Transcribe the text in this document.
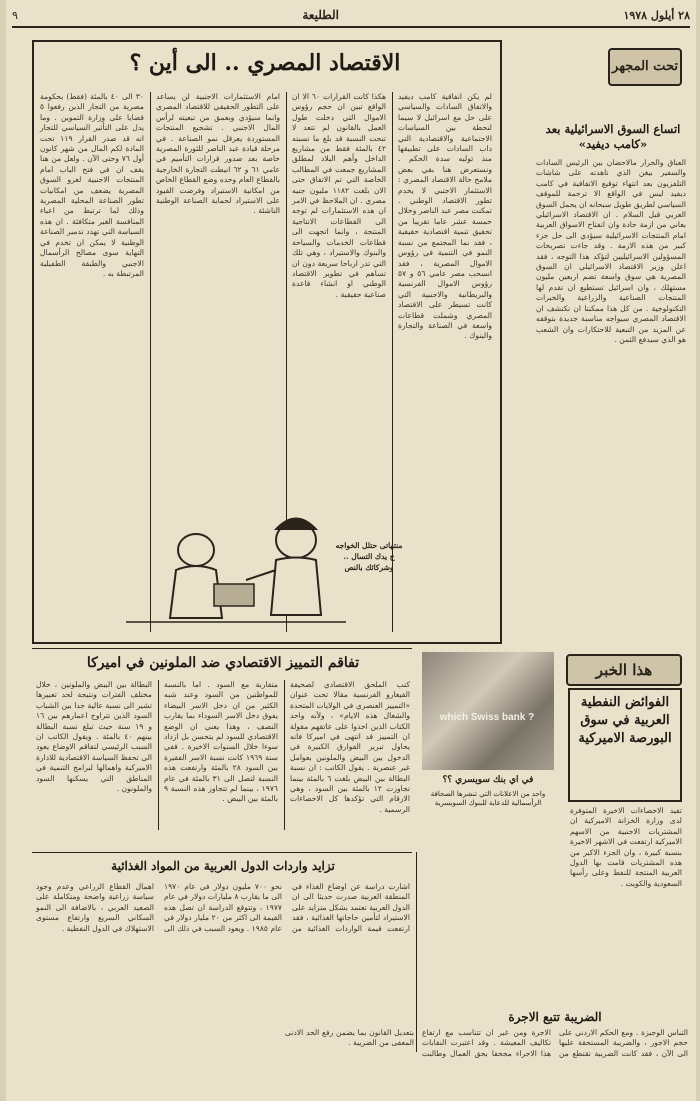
٢٨ أيلول ١٩٧٨
الطليعة
٩
تحت المجهر
اتساع السوق الاسرائيلية بعد «كامب ديفيد»
العناق والحرار مالاحضان بين الرئيس السادات والسفير بيغن الذي تاهدته على شاشات التلفزيون بعد انتهاء توقيع الاتفاقية في كامب ديفيد ليس في الواقع الا ترجمة للموقف السياسي لطريق طويل سبحانه ان يحمل السوق العربي قبل السلام . ان الاقتصاد الاسرائيلي يعاني من ازمة حادة وان انفتاح الاسواق العربية امام المنتجات الاسرائيلية سيؤدي الى حل جزء كبير من هذه الازمة . وقد جاءت تصريحات المسؤولين الاسرائيليين لتؤكد هذا التوجه ، فقد اعلن وزير الاقتصاد الاسرائيلي ان السوق المصرية هي سوق واسعة تضم اربعين مليون مستهلك ، وان اسرائيل تستطيع ان تقدم لها المنتجات الصناعية والزراعية والخبرات التكنولوجية . من كل هذا ممكننا ان نكتشف ان الاقتصاد المصري سيواجه مناسبة جديدة بتوقفه عن المزيد من التبعية للاحتكارات وان الشعب هو الذي سيدفع الثمن .
الاقتصاد المصري .. الى أين ؟
لم يكن انفاقية كامب ديفيد والاتفاق السادات والسياسي على حل مع اسرائيل لا سيما لنحطة بين السياسات الاجتماعية والاقتصادية التي داب السادات على تطبيقها منذ توليه سدة الحكم . ونستعرض هنا بقي بعض ملامح حالة الاقتصاد المصري : الاستثمار الاجنبي لا يخدم تطور الاقتصاد الوطني . تمكنت مصر عبد الناصر وخلال خمسة عشر عاما تقريبا من تحقيق تنمية اقتصادية حقيقية ، فقد نما المجتمع من نسبة النمو في التنمية في رؤوس الاموال المصرية ، فقد انسحب مصر عامي ٥٦ و ٥٧ رؤوس الاموال الفرنسية والبريطانية والاجنبية التي كانت تسيطر على الاقتصاد المصري وشملت قطاعات واسعة في الصناعة والتجارة والبنوك .
هكذا كانت القرارات ٦٠ الا ان الواقع تبين ان حجم رؤوس الاموال التي دخلت طول العمل بالقانون لم تتعد لا تنحت النسبة قد بلغ ما نسبته ٤٢ بالمئة فقط من مشاريع الداخل وأهم البلاد لمطلق المشاريع جمعت في المطالب الخاصة التي تم الاتفاق حتى الان بلغت ١١٨٢ مليون جنيه مصري . ان الملاحظ في الامر ان هذه الاستثمارات لم توجه الى القطاعات الانتاجية المنتجة ، وانما اتجهت الى قطاعات الخدمات والسياحة والبنوك والاستيراد ، وهي تلك التي تدر ارباحا سريعة دون ان تساهم في تطوير الاقتصاد الوطني او انشاء قاعدة صناعية حقيقية .
امام الاستثمارات الاجنبية لن يساعد على التطور الحقيقي للاقتصاد المصري وانما سيؤدي وبعمق من تبعيته لرأس المال الاجنبي . تشجيع المنتجات المستوردة يعرقل نمو الصناعة . في مرحلة قيادة عبد الناصر للثورة المصرية خاصة بعد صدور قرارات التأميم في عامي ٦١ و ٦٢ انيطت التجارة الخارجية بالقطاع العام وحده وضع القطاع الخاص من امكانية الاستيراد وفرضت القيود على الاستيراد لحماية الصناعة الوطنية الناشئة .
٣٠ الى ٤٠ بالمئة (فقط) بحكومة مصرية من التجار الذين رفعوا ٥ قضايا على وزارة التموين . وما يدل على التأثير السياسي للتجار انه قد صدر القرار ١١٩ تحت المادة لكم المال من شهر كانون أول ٧٦ وحتى الآن . ولعل من هنا يقف ان في فتح الباب امام المنتجات الاجنبية لغزو السوق المصرية يضعف من امكانيات تطور الصناعة المحلية المصرية وذلك لما ترتبط من اعباء المنافسة الغير متكافئة . ان هذه السياسة التي تهدد تدمير الصناعة الوطنية لا يمكن ان تخدم في النهاية سوى مصالح الرأسمال الاجنبي والطبقة الطفيلية المرتبطة به .
منتهاتى حتلل الخواجه ح يدك التسال .. وشركائك بالنص
تفاقم التمييز الاقتصادي ضد الملونين في اميركا
كتب الملحق الاقتصادي لصحيفة الفيغارو الفرنسية مقالا تحت عنوان «التمييز العنصري في الولايات المتحدة والشغال هذه الايام» ، ولأنه واحد الكتاب الذين اخذوا على عاتقهم مقولة ان التمييز قد انتهى في اميركا فانه يحاول تبرير الفوارق الكبيرة في الدخول بين البيض والملونين بعوامل غير عنصرية . يقول الكاتب : ان نسبة البطالة بين البيض بلغت ٦ بالمئة بينما تجاوزت ١٢ بالمئة بين السود ، وهي الارقام التي تؤكدها كل الاحصاءات الرسمية .
متقاربة مع السود . اما بالنسبة للمواطنين من السود وعند شبه الكثير من ان دخل الاسر البيضاء يفوق دخل الاسر السوداء بما يقارب النصف ، وهذا يعني ان الوضع الاقتصادي للسود لم يتحسن بل ازداد سوءا خلال السنوات الاخيرة . ففي سنة ١٩٦٩ كانت نسبة الاسر الفقيرة بين السود ٢٨ بالمئة وارتفعت هذه النسبة لتصل الى ٣١ بالمئة في عام ١٩٧٦ ، بينما لم تتجاوز هذه النسبة ٩ بالمئة بين البيض .
البطالة بين البيض والملونين ، خلال مختلف الفترات ونتيجة لحد تعبيرها تشير الى نسبة عالية جدا بين الشباب السود الذين تتراوح اعمارهم بين ١٦ و ١٩ سنة حيث تبلغ نسبة البطالة بينهم ٤٠ بالمئة . ويقول الكاتب ان السبب الرئيسي لتفاقم الاوضاع يعود الى تحفظ السياسة الاقتصادية للادارة الاميركية واهمالها لبرامج التنمية في المناطق التي يسكنها السود والملونون .
which Swiss bank ?
في اي بنك سويسري ؟؟
واحد من الاعلانات التي تنشرها الصحافة الرأسمالية للدعاية للبنوك السويسرية
هذا الخبر
الفوائض النفطية العربية في سوق البورصة الاميركية
تفيد الاحصاءات الاخيرة المتوفرة لدى وزارة الخزانة الاميركية ان المشتريات الاجنبية من الاسهم الاميركية ارتفعت في الاشهر الاخيرة بنسبة كبيرة ، وان الجزء الاكبر من هذه المشتريات قامت بها الدول العربية المنتجة للنفط وعلى رأسها السعودية والكويت .
تزايد واردات الدول العربية من المواد الغذائية
اشارت دراسة عن اوضاع الغذاء في المنطقة العربية صدرت حديثا الى ان الدول العربية تعتمد بشكل متزايد على الاستيراد لتأمين حاجاتها الغذائية ، فقد ارتفعت قيمة الواردات الغذائية من نحو ٧٠٠ مليون دولار في عام ١٩٧٠ الى ما يقارب ٨ مليارات دولار في عام ١٩٧٧ ، وتتوقع الدراسة ان تصل هذه القيمة الى اكثر من ٢٠ مليار دولار في عام ١٩٨٥ . ويعود السبب في ذلك الى اهمال القطاع الزراعي وعدم وجود سياسة زراعية واضحة ومتكاملة على الصعيد العربي ، بالاضافة الى النمو السكاني السريع وارتفاع مستوى الاستهلاك في الدول النفطية .
الضريبة تتبع الاجرة
التباس الوجيزة . ومع الحكم الاردني على حجم الاجور ، والضريبة المستحقة عليها الى الآن ، فقد كانت الضريبة تقتطع من الاجرة ومن غير ان تتناسب مع ارتفاع تكاليف المعيشة . وقد اعتبرت النقابات هذا الاجراء مجحفا بحق العمال وطالبت بتعديل القانون بما يضمن رفع الحد الادنى المعفى من الضريبة .
